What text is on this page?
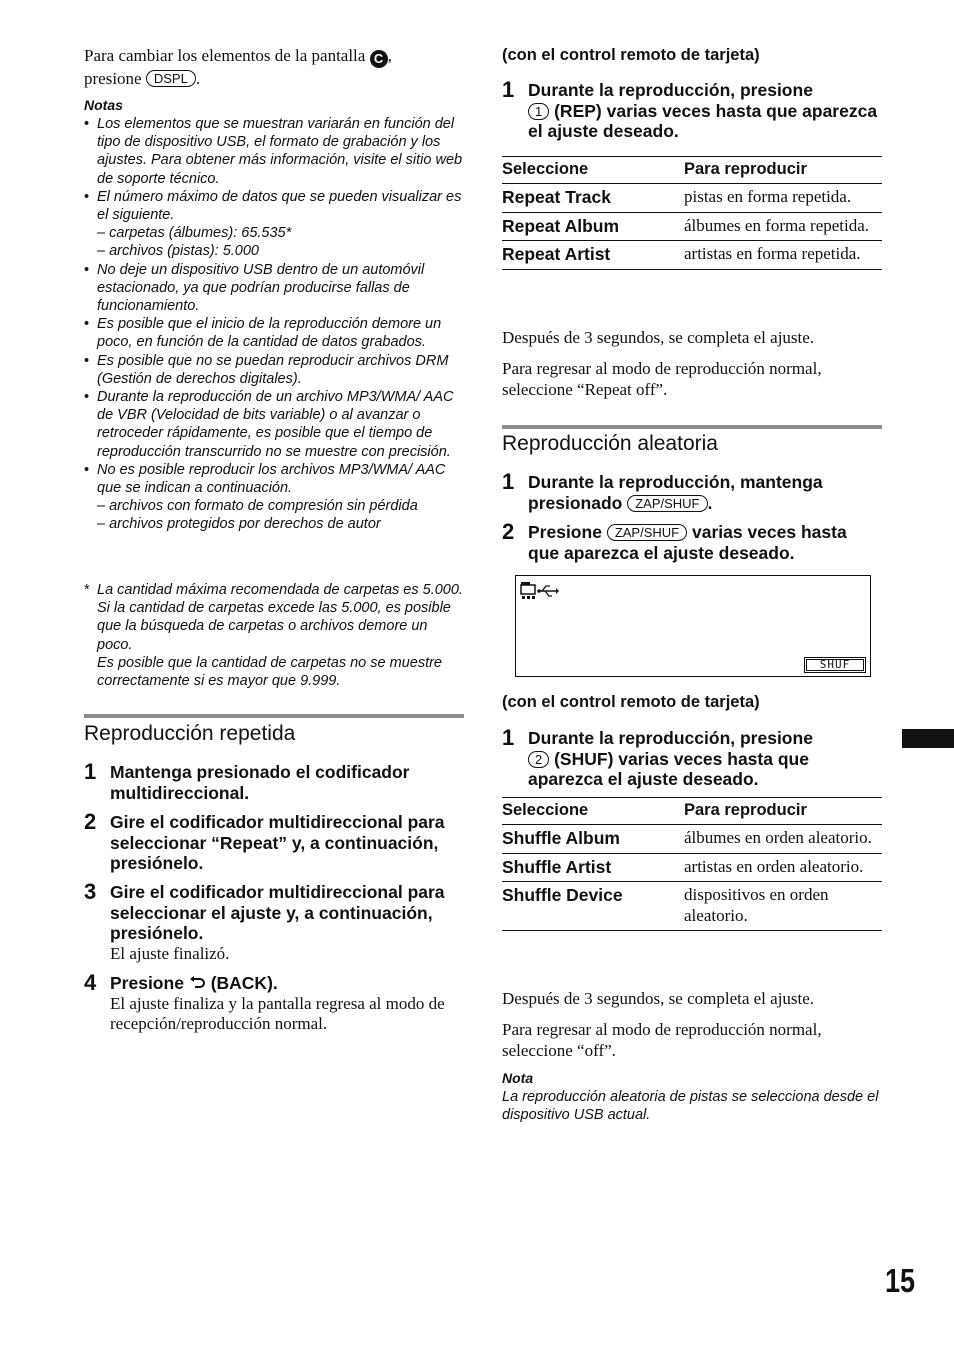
Para cambiar los elementos de la pantalla C ,
presione DSPL .
Notas
• Los elementos que se muestran variarán en función del tipo de dispositivo USB, el formato de grabación y los ajustes. Para obtener más información, visite el sitio web de soporte técnico.
• El número máximo de datos que se pueden visualizar es el siguiente.
– carpetas (álbumes): 65.535*
– archivos (pistas): 5.000
• No deje un dispositivo USB dentro de un automóvil estacionado, ya que podrían producirse fallas de funcionamiento.
• Es posible que el inicio de la reproducción demore un poco, en función de la cantidad de datos grabados.
• Es posible que no se puedan reproducir archivos DRM (Gestión de derechos digitales).
• Durante la reproducción de un archivo MP3/WMA/ AAC de VBR (Velocidad de bits variable) o al avanzar o retroceder rápidamente, es posible que el tiempo de reproducción transcurrido no se muestre con precisión.
• No es posible reproducir los archivos MP3/WMA/ AAC que se indican a continuación.
– archivos con formato de compresión sin pérdida
– archivos protegidos por derechos de autor
* La cantidad máxima recomendada de carpetas es 5.000. Si la cantidad de carpetas excede las 5.000, es posible que la búsqueda de carpetas o archivos demore un poco.
Es posible que la cantidad de carpetas no se muestre correctamente si es mayor que 9.999.
Reproducción repetida
1 Mantenga presionado el codificador multidireccional.
2 Gire el codificador multidireccional para seleccionar “Repeat” y, a continuación, presiónelo.
3 Gire el codificador multidireccional para seleccionar el ajuste y, a continuación, presiónelo.
El ajuste finalizó.
4 Presione (BACK).
El ajuste finaliza y la pantalla regresa al modo de recepción/reproducción normal.
(con el control remoto de tarjeta)
1 Durante la reproducción, presione
1 (REP) varias veces hasta que aparezca el ajuste deseado.
Seleccione	Para reproducir
Repeat Track	pistas en forma repetida.
Repeat Album	álbumes en forma repetida.
Repeat Artist	artistas en forma repetida.
Después de 3 segundos, se completa el ajuste.
Para regresar al modo de reproducción normal, seleccione “Repeat off”.
Reproducción aleatoria
1 Durante la reproducción, mantenga presionado ZAP/SHUF .
2 Presione ZAP/SHUF varias veces hasta que aparezca el ajuste deseado.
SHUF
(con el control remoto de tarjeta)
1 Durante la reproducción, presione
2 (SHUF) varias veces hasta que aparezca el ajuste deseado.
Seleccione	Para reproducir
Shuffle Album	álbumes en orden aleatorio.
Shuffle Artist	artistas en orden aleatorio.
Shuffle Device	dispositivos en orden aleatorio.
Después de 3 segundos, se completa el ajuste.
Para regresar al modo de reproducción normal, seleccione “off”.
Nota
La reproducción aleatoria de pistas se selecciona desde el dispositivo USB actual.
15
